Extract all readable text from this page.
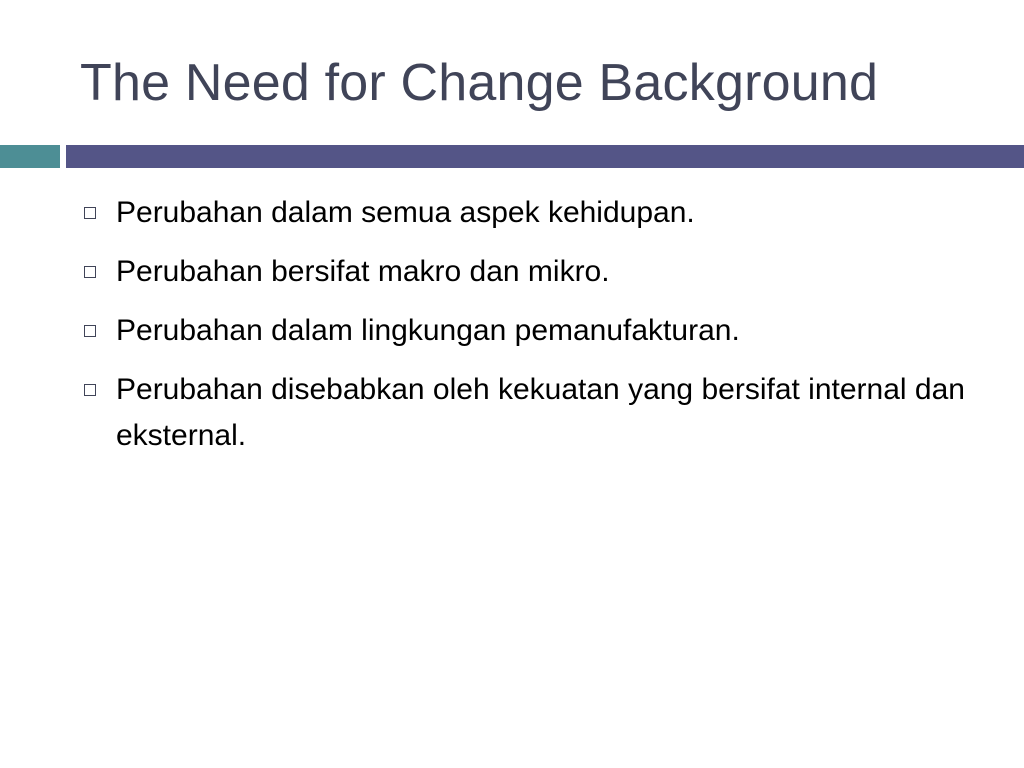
The Need for Change Background
Perubahan dalam semua aspek kehidupan.
Perubahan bersifat makro dan mikro.
Perubahan dalam lingkungan pemanufakturan.
Perubahan disebabkan oleh kekuatan yang bersifat internal dan eksternal.
